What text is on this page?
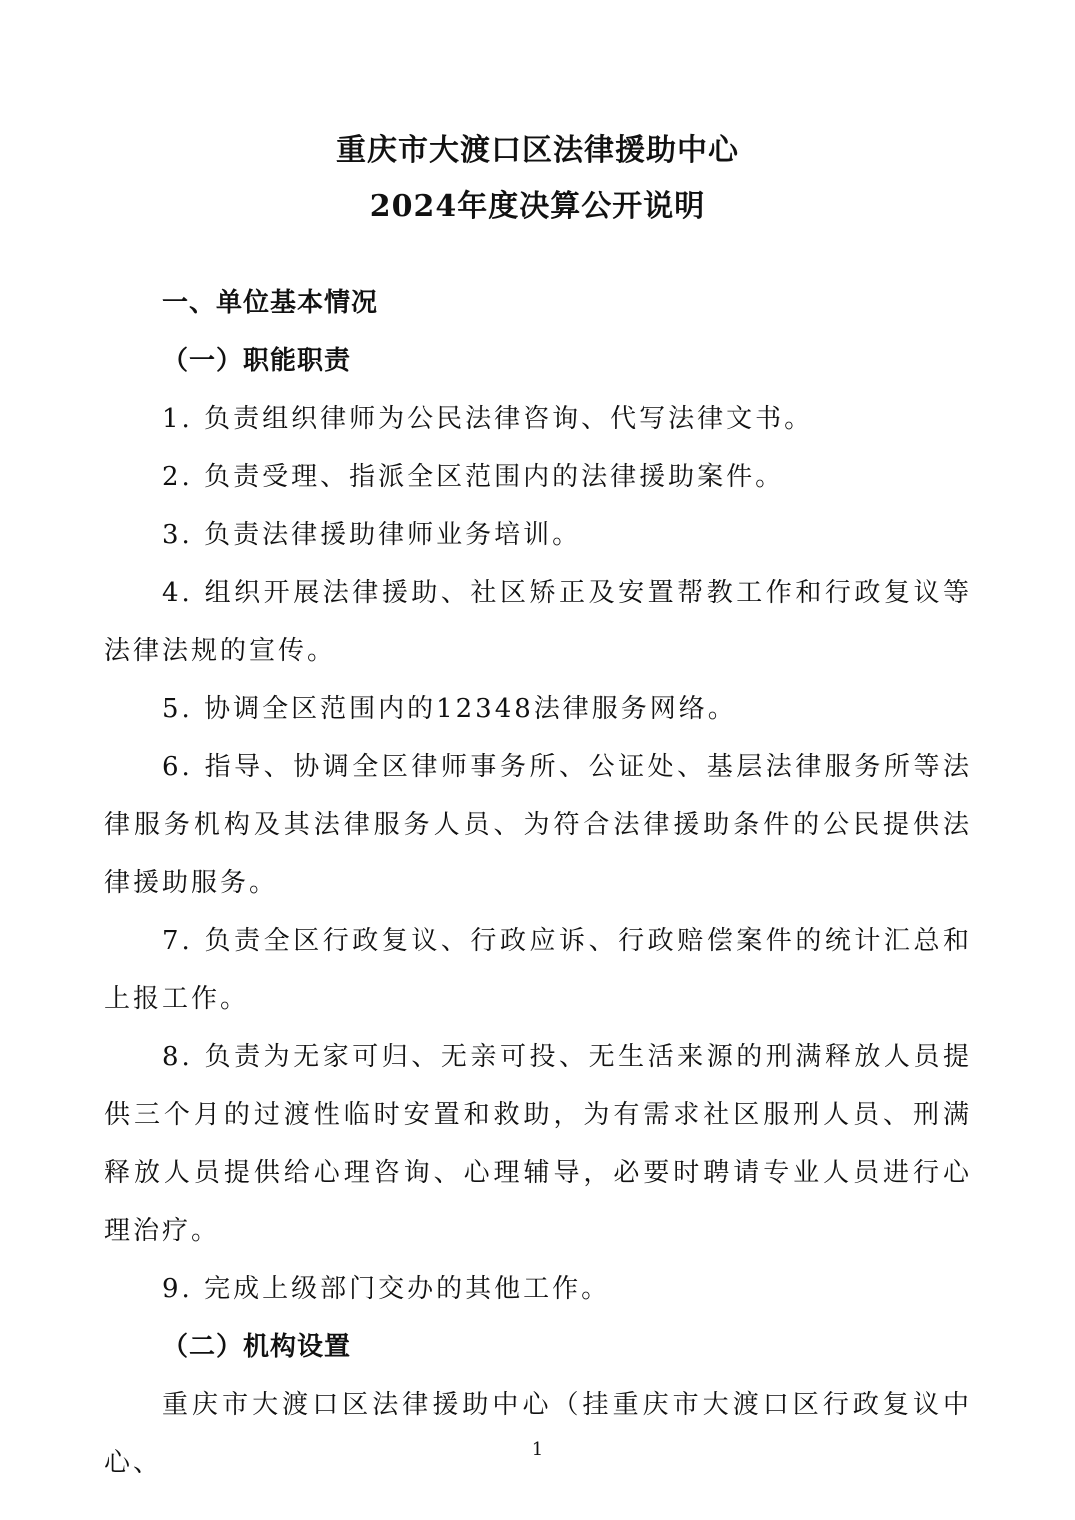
重庆市大渡口区法律援助中心
2024年度决算公开说明

一、单位基本情况

（一）职能职责

1. 负责组织律师为公民法律咨询、代写法律文书。

2. 负责受理、指派全区范围内的法律援助案件。

3. 负责法律援助律师业务培训。

4. 组织开展法律援助、社区矫正及安置帮教工作和行政复议等法律法规的宣传。

5. 协调全区范围内的12348法律服务网络。

6. 指导、协调全区律师事务所、公证处、基层法律服务所等法律服务机构及其法律服务人员、为符合法律援助条件的公民提供法律援助服务。

7. 负责全区行政复议、行政应诉、行政赔偿案件的统计汇总和上报工作。

8. 负责为无家可归、无亲可投、无生活来源的刑满释放人员提供三个月的过渡性临时安置和救助，为有需求社区服刑人员、刑满释放人员提供给心理咨询、心理辅导，必要时聘请专业人员进行心理治疗。

9. 完成上级部门交办的其他工作。

（二）机构设置

重庆市大渡口区法律援助中心（挂重庆市大渡口区行政复议中心、	1
